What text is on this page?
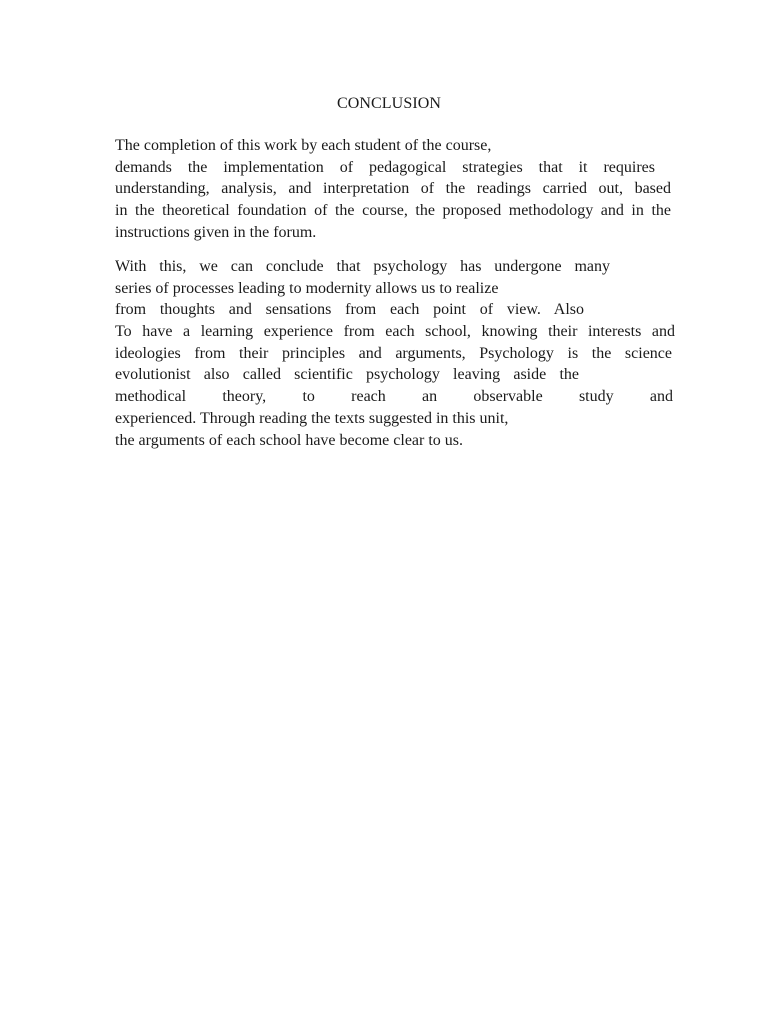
CONCLUSION
The completion of this work by each student of the course,
demands the implementation of pedagogical strategies that it requires
understanding, analysis, and interpretation of the readings carried out, based
in the theoretical foundation of the course, the proposed methodology and in the
instructions given in the forum.
With this, we can conclude that psychology has undergone many
series of processes leading to modernity allows us to realize
from thoughts and sensations from each point of view. Also
To have a learning experience from each school, knowing their interests and
ideologies from their principles and arguments, Psychology is the science
evolutionist also called scientific psychology leaving aside the
methodical theory, to reach an observable study and
experienced. Through reading the texts suggested in this unit,
the arguments of each school have become clear to us.
